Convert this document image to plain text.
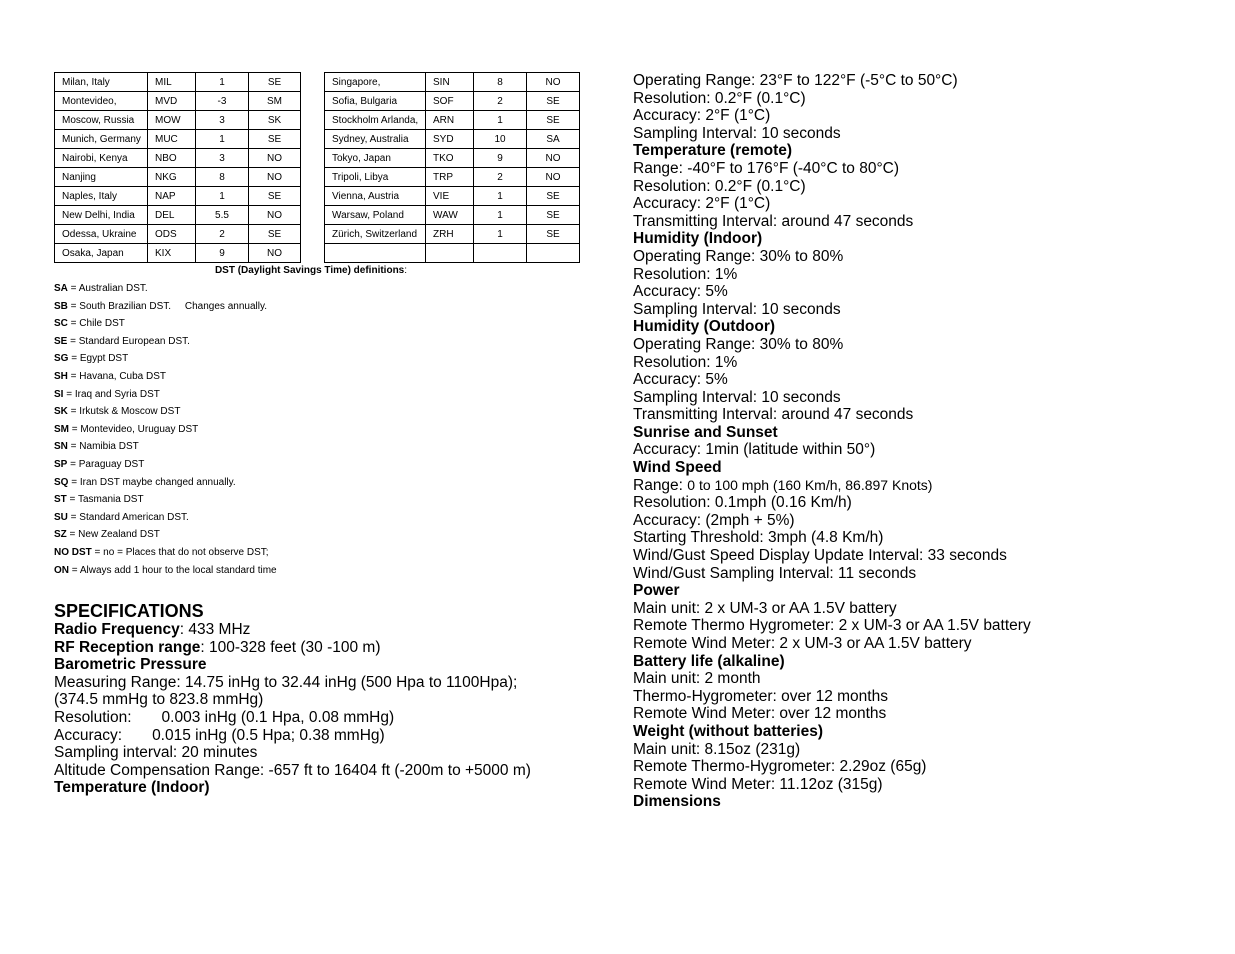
Milan, Italy	MIL	1	SE
Montevideo,	MVD	-3	SM
Moscow, Russia	MOW	3	SK
Munich, Germany	MUC	1	SE
Nairobi, Kenya	NBO	3	NO
Nanjing	NKG	8	NO
Naples, Italy	NAP	1	SE
New Delhi, India	DEL	5.5	NO
Odessa, Ukraine	ODS	2	SE
Osaka, Japan	KIX	9	NO
Singapore,	SIN	8	NO
Sofia, Bulgaria	SOF	2	SE
Stockholm Arlanda,	ARN	1	SE
Sydney, Australia	SYD	10	SA
Tokyo, Japan	TKO	9	NO
Tripoli, Libya	TRP	2	NO
Vienna, Austria	VIE	1	SE
Warsaw, Poland	WAW	1	SE
Zürich, Switzerland	ZRH	1	SE

DST (Daylight Savings Time) definitions:
SA = Australian DST.
SB = South Brazilian DST.     Changes annually.
SC = Chile DST
SE = Standard European DST.
SG = Egypt DST
SH = Havana, Cuba DST
SI = Iraq and Syria DST
SK = Irkutsk & Moscow DST
SM = Montevideo, Uruguay DST
SN = Namibia DST
SP = Paraguay DST
SQ = Iran DST maybe changed annually.
ST = Tasmania DST
SU = Standard American DST.
SZ = New Zealand DST
NO DST = no = Places that do not observe DST;
ON = Always add 1 hour to the local standard time
SPECIFICATIONS
Radio Frequency: 433 MHz
RF Reception range: 100-328 feet (30 -100 m)
Barometric Pressure
Measuring Range: 14.75 inHg to 32.44 inHg (500 Hpa to 1100Hpa); (374.5 mmHg to 823.8 mmHg)
Resolution: 0.003 inHg (0.1 Hpa, 0.08 mmHg)
Accuracy: 0.015 inHg (0.5 Hpa; 0.38 mmHg)
Sampling interval: 20 minutes
Altitude Compensation Range: -657 ft to 16404 ft (-200m to +5000 m)
Temperature (Indoor)
Operating Range: 23°F to 122°F (-5°C to 50°C)
Resolution: 0.2°F (0.1°C)
Accuracy: 2°F (1°C)
Sampling Interval: 10 seconds
Temperature (remote)
Range: -40°F to 176°F (-40°C to 80°C)
Resolution: 0.2°F (0.1°C)
Accuracy: 2°F (1°C)
Transmitting Interval: around 47 seconds
Humidity (Indoor)
Operating Range: 30% to 80%
Resolution: 1%
Accuracy: 5%
Sampling Interval: 10 seconds
Humidity (Outdoor)
Operating Range: 30% to 80%
Resolution: 1%
Accuracy: 5%
Sampling Interval: 10 seconds
Transmitting Interval: around 47 seconds
Sunrise and Sunset
Accuracy: 1min (latitude within 50°)
Wind Speed
Range: 0 to 100 mph (160 Km/h, 86.897 Knots)
Resolution: 0.1mph (0.16 Km/h)
Accuracy: (2mph + 5%)
Starting Threshold: 3mph (4.8 Km/h)
Wind/Gust Speed Display Update Interval: 33 seconds
Wind/Gust Sampling Interval: 11 seconds
Power
Main unit: 2 x UM-3 or AA 1.5V battery
Remote Thermo Hygrometer: 2 x UM-3 or AA 1.5V battery
Remote Wind Meter: 2 x UM-3 or AA 1.5V battery
Battery life (alkaline)
Main unit: 2 month
Thermo-Hygrometer: over 12 months
Remote Wind Meter: over 12 months
Weight (without batteries)
Main unit: 8.15oz (231g)
Remote Thermo-Hygrometer: 2.29oz (65g)
Remote Wind Meter: 11.12oz (315g)
Dimensions
